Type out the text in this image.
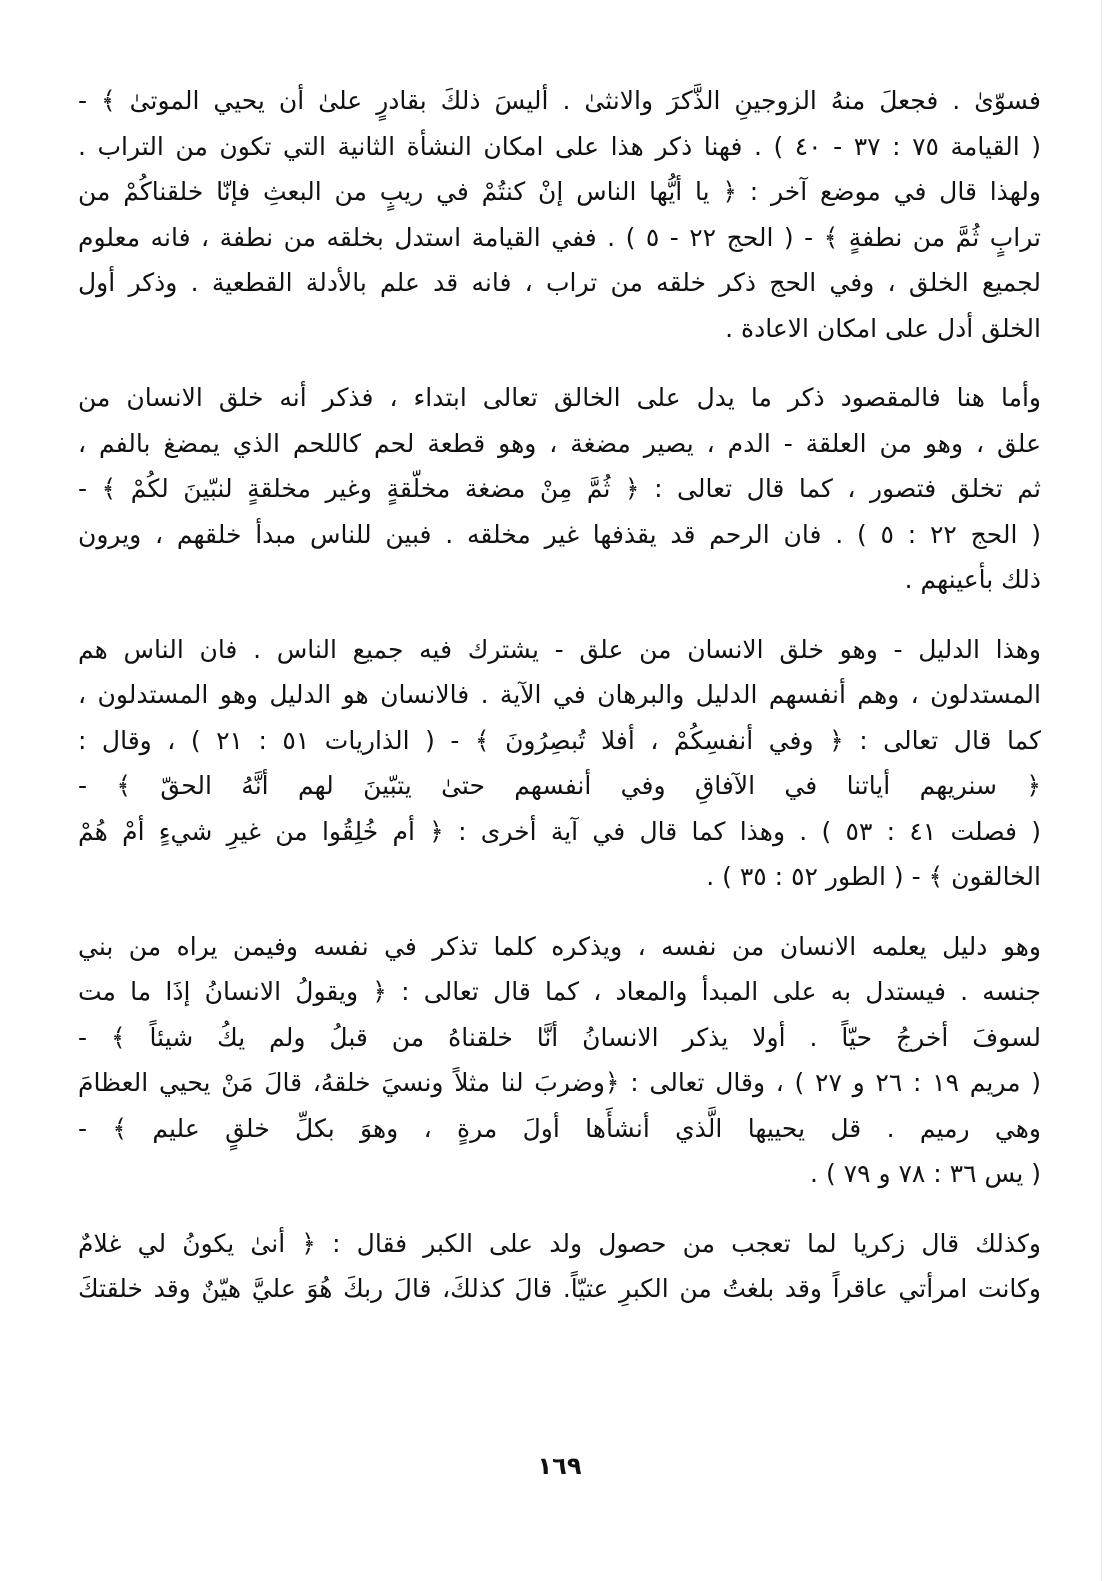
فسوّىٰ . فجعلَ منهُ الزوجينِ الذَّكرَ والانثىٰ . أليسَ ذلكَ بقادرٍ علىٰ أن يحيي الموتىٰ ﴾ -
( القيامة ٧٥ : ٣٧ - ٤٠ ) . فهنا ذكر هذا على امكان النشأة الثانية التي تكون من التراب .
ولهذا قال في موضع آخر : ﴿ يا أيُّها الناس إنْ كنتُمْ في ريبٍ من البعثِ فإنّا خلقناكُمْ من
ترابٍ ثُمَّ من نطفةٍ ﴾ - ( الحج ٢٢ - ٥ ) . ففي القيامة استدل بخلقه من نطفة ، فانه معلوم
لجميع الخلق ، وفي الحج ذكر خلقه من تراب ، فانه قد علم بالأدلة القطعية . وذكر أول
الخلق أدل على امكان الاعادة .

وأما هنا فالمقصود ذكر ما يدل على الخالق تعالى ابتداء ، فذكر أنه خلق الانسان من
علق ، وهو من العلقة - الدم ، يصير مضغة ، وهو قطعة لحم كاللحم الذي يمضغ بالفم ،
ثم تخلق فتصور ، كما قال تعالى : ﴿ ثُمَّ مِنْ مضغة مخلّقةٍ وغير مخلقةٍ لنبّينَ لكُمْ ﴾ -
( الحج ٢٢ : ٥ ) . فان الرحم قد يقذفها غير مخلقه . فبين للناس مبدأ خلقهم ، ويرون
ذلك بأعينهم .

وهذا الدليل - وهو خلق الانسان من علق - يشترك فيه جميع الناس . فان الناس هم
المستدلون ، وهم أنفسهم الدليل والبرهان في الآية . فالانسان هو الدليل وهو المستدلون ،
كما قال تعالى : ﴿ وفي أنفسِكُمْ ، أفلا تُبصِرُونَ ﴾ - ( الذاريات ٥١ : ٢١ ) ، وقال :
﴿ سنريهم أياتنا في الآفاقِ وفي أنفسهم حتىٰ يتبّينَ لهم أنَّهُ الحقّ ﴾ -
( فصلت ٤١ : ٥٣ ) . وهذا كما قال في آية أخرى : ﴿ أم خُلِقُوا من غيرِ شيءٍ أمْ هُمْ
الخالقون ﴾ - ( الطور ٥٢ : ٣٥ ) .

وهو دليل يعلمه الانسان من نفسه ، ويذكره كلما تذكر في نفسه وفيمن يراه من بني
جنسه . فيستدل به على المبدأ والمعاد ، كما قال تعالى : ﴿ ويقولُ الانسانُ إذَا ما مت
لسوفَ أخرجُ حيّاً . أولا يذكر الانسانُ أنَّا خلقناهُ من قبلُ ولم يكُ شيئاً ﴾ -
( مريم ١٩ : ٢٦ و ٢٧ ) ، وقال تعالى : ﴿وضربَ لنا مثلاً ونسيَ خلقهُ، قالَ مَنْ يحيي العظامَ
وهي رميم . قل يحييها الَّذي أنشأَها أولَ مرةٍ ، وهوَ بكلِّ خلقٍ عليم ﴾ -
( يس ٣٦ : ٧٨ و ٧٩ ) .

وكذلك قال زكريا لما تعجب من حصول ولد على الكبر فقال : ﴿ أنىٰ يكونُ لي غلامٌ
وكانت امرأتي عاقراً وقد بلغتُ من الكبرِ عتيّاً. قالَ كذلكَ، قالَ ربكَ هُوَ عليَّ هيّنٌ وقد خلقتكَ

١٦٩
